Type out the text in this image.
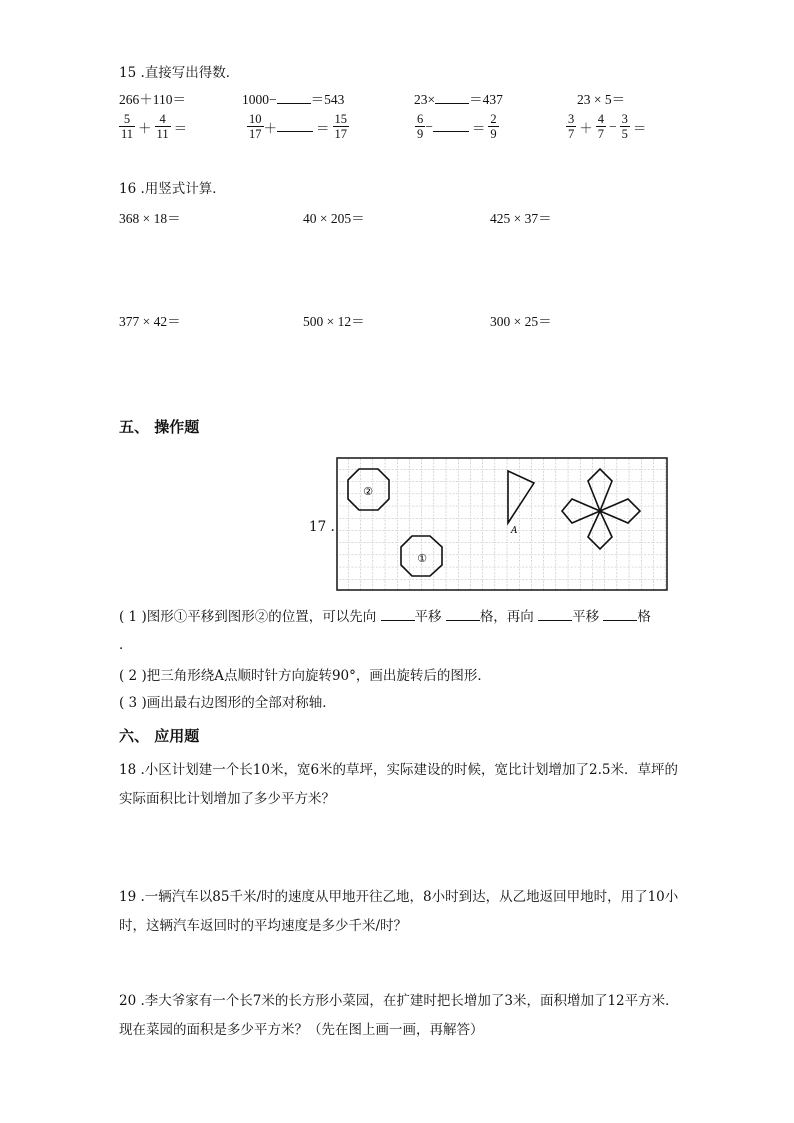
15 .直接写出得数．
266＋110＝	1000−	＝543	23×	＝437	23 × 5＝
$\frac{5}{11} + \frac{4}{11}$ ＝	$\frac{10}{17}$ ＋	＝ $\frac{15}{17}$	$\frac{6}{9}$ −	＝ $\frac{2}{9}$	$\frac{3}{7} + \frac{4}{7} - \frac{3}{5}$ ＝
16 .用竖式计算．
368 × 18＝	40 × 205＝	425 × 37＝
377 × 42＝	500 × 12＝	300 × 25＝
五、 操作题
17 .
②
①
A
( 1 )图形①平移到图形②的位置，可以先向	平移	格，再向	平移	格
．
( 2 )把三角形绕A点顺时针方向旋转90°，画出旋转后的图形．
( 3 )画出最右边图形的全部对称轴．
六、 应用题
18 .小区计划建一个长10米，宽6米的草坪，实际建设的时候，宽比计划增加了2.5米．草坪的实际面积比计划增加了多少平方米？
19 .一辆汽车以85千米/时的速度从甲地开往乙地，8小时到达，从乙地返回甲地时，用了10小时，这辆汽车返回时的平均速度是多少千米/时？
20 .李大爷家有一个长7米的长方形小菜园，在扩建时把长增加了3米，面积增加了12平方米．现在菜园的面积是多少平方米？（先在图上画一画，再解答）
